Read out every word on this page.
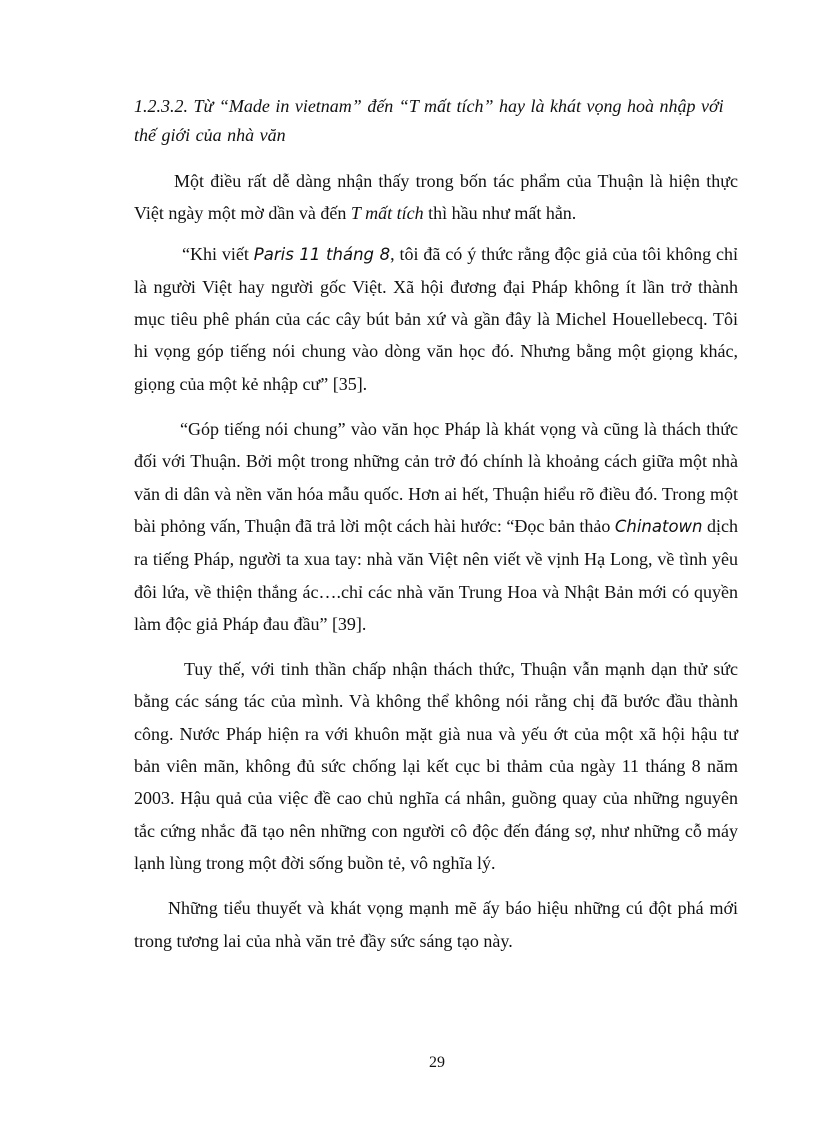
1.2.3.2. Từ “Made in vietnam” đến “T mất tích” hay là khát vọng hoà nhập với thế giới của nhà văn

Một điều rất dễ dàng nhận thấy trong bốn tác phẩm của Thuận là hiện thực Việt ngày một mờ dần và đến T mất tích thì hầu như mất hẳn.

“Khi viết Paris 11 tháng 8, tôi đã có ý thức rằng độc giả của tôi không chỉ là người Việt hay người gốc Việt. Xã hội đương đại Pháp không ít lần trở thành mục tiêu phê phán của các cây bút bản xứ và gần đây là Michel Houellebecq. Tôi hi vọng góp tiếng nói chung vào dòng văn học đó. Nhưng bằng một giọng khác, giọng của một kẻ nhập cư” [35].

“Góp tiếng nói chung” vào văn học Pháp là khát vọng và cũng là thách thức đối với Thuận. Bởi một trong những cản trở đó chính là khoảng cách giữa một nhà văn di dân và nền văn hóa mẫu quốc. Hơn ai hết, Thuận hiểu rõ điều đó. Trong một bài phỏng vấn, Thuận đã trả lời một cách hài hước: “Đọc bản thảo Chinatown dịch ra tiếng Pháp, người ta xua tay: nhà văn Việt nên viết về vịnh Hạ Long, về tình yêu đôi lứa, về thiện thắng ác….chỉ các nhà văn Trung Hoa và Nhật Bản mới có quyền làm độc giả Pháp đau đầu” [39].

Tuy thế, với tinh thần chấp nhận thách thức, Thuận vẫn mạnh dạn thử sức bằng các sáng tác của mình. Và không thể không nói rằng chị đã bước đầu thành công. Nước Pháp hiện ra với khuôn mặt già nua và yếu ớt của một xã hội hậu tư bản viên mãn, không đủ sức chống lại kết cục bi thảm của ngày 11 tháng 8 năm 2003. Hậu quả của việc đề cao chủ nghĩa cá nhân, guồng quay của những nguyên tắc cứng nhắc đã tạo nên những con người cô độc đến đáng sợ, như những cỗ máy lạnh lùng trong một đời sống buồn tẻ, vô nghĩa lý.

Những tiểu thuyết và khát vọng mạnh mẽ ấy báo hiệu những cú đột phá mới trong tương lai của nhà văn trẻ đầy sức sáng tạo này.

29
